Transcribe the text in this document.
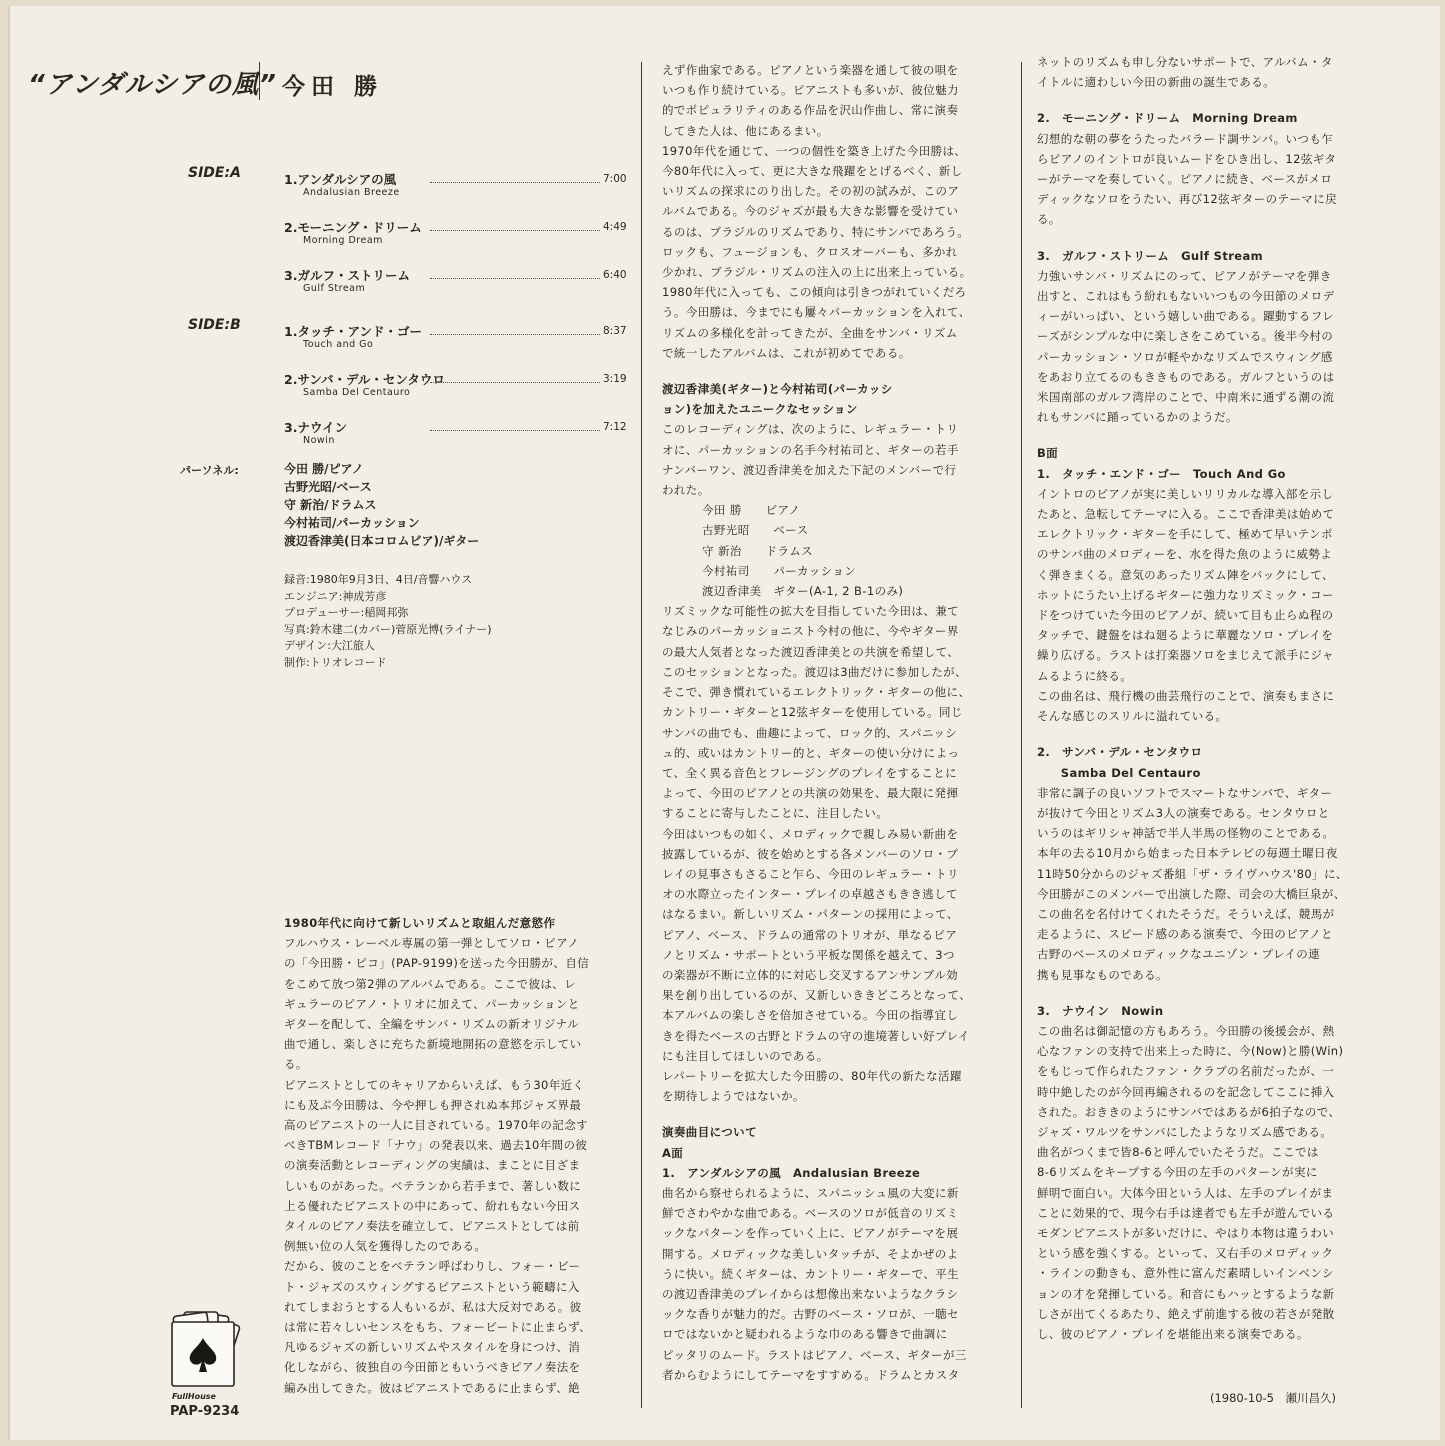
“アンダルシアの風” 今田 勝
SIDE:A
SIDE:B
1.アンダルシアの風
Andalusian Breeze
7:00
2.モーニング・ドリーム
Morning Dream
4:49
3.ガルフ・ストリーム
Gulf Stream
6:40
1.タッチ・アンド・ゴー
Touch and Go
8:37
2.サンバ・デル・センタウロ
Samba Del Centauro
3:19
3.ナウイン
Nowin
7:12
パーソネル:	今田 勝/ピアノ
古野光昭/ベース
守 新治/ドラムス
今村祐司/パーカッション
渡辺香津美(日本コロムビア)/ギター
録音:1980年9月3日、4日/音響ハウス
エンジニア:神成芳彦
プロデューサー:稲岡邦弥
写真:鈴木建二(カバー)菅原光博(ライナー)
デザイン:大江旅人
制作:トリオレコード

1980年代に向けて新しいリズムと取組んだ意慾作

フルハウス・レーベル専属の第一弾としてソロ・ピアノ

の「今田勝・ピコ」(PAP-9199)を送った今田勝が、自信

をこめて放つ第2弾のアルバムである。ここで彼は、レ

ギュラーのピアノ・トリオに加えて、パーカッションと

ギターを配して、全編をサンバ・リズムの新オリジナル

曲で通し、楽しさに充ちた新境地開拓の意慾を示してい

る。

ピアニストとしてのキャリアからいえば、もう30年近く

にも及ぶ今田勝は、今や押しも押されぬ本邦ジャズ界最

高のピアニストの一人に目されている。1970年の記念す

べきTBMレコード「ナウ」の発表以来、過去10年間の彼

の演奏活動とレコーディングの実績は、まことに目ざま

しいものがあった。ベテランから若手まで、著しい数に

上る優れたピアニストの中にあって、紛れもない今田ス

タイルのピアノ奏法を確立して、ピアニストとしては前

例無い位の人気を獲得したのである。

だから、彼のことをベテラン呼ばわりし、フォー・ビー

ト・ジャズのスウィングするピアニストという範疇に入

れてしまおうとする人もいるが、私は大反対である。彼

は常に若々しいセンスをもち、フォービートに止まらず、

凡ゆるジャズの新しいリズムやスタイルを身につけ、消

化しながら、彼独自の今田節ともいうべきピアノ奏法を

編み出してきた。彼はピアニストであるに止まらず、絶

えず作曲家である。ピアノという楽器を通して彼の唄を

いつも作り続けている。ピアニストも多いが、彼位魅力

的でポピュラリティのある作品を沢山作曲し、常に演奏

してきた人は、他にあるまい。

1970年代を通じて、一つの個性を築き上げた今田勝は、

今80年代に入って、更に大きな飛躍をとげるべく、新し

いリズムの探求にのり出した。その初の試みが、このア

ルバムである。今のジャズが最も大きな影響を受けてい

るのは、ブラジルのリズムであり、特にサンバであろう。

ロックも、フュージョンも、クロスオーバーも、多かれ

少かれ、ブラジル・リズムの注入の上に出来上っている。

1980年代に入っても、この傾向は引きつがれていくだろ

う。今田勝は、今までにも屢々パーカッションを入れて、

リズムの多様化を計ってきたが、全曲をサンバ・リズム

で統一したアルバムは、これが初めてである。

渡辺香津美(ギター)と今村祐司(パーカッシ

ョン)を加えたユニークなセッション

このレコーディングは、次のように、レギュラー・トリ

オに、パーカッションの名手今村祐司と、ギターの若手

ナンバーワン、渡辺香津美を加えた下記のメンバーで行

われた。

今田 勝　　ピアノ

古野光昭　　ベース

守 新治　　ドラムス

今村祐司　　パーカッション

渡辺香津美　ギター(A-1, 2 B-1のみ)

リズミックな可能性の拡大を目指していた今田は、兼て

なじみのパーカッショニスト今村の他に、今やギター界

の最大人気者となった渡辺香津美との共演を希望して、

このセッションとなった。渡辺は3曲だけに参加したが、

そこで、弾き慣れているエレクトリック・ギターの他に、

カントリー・ギターと12弦ギターを使用している。同じ

サンバの曲でも、曲趣によって、ロック的、スパニッシ

ュ的、或いはカントリー的と、ギターの使い分けによっ

て、全く異る音色とフレージングのプレイをすることに

よって、今田のピアノとの共演の効果を、最大限に発揮

することに寄与したことに、注目したい。

今田はいつもの如く、メロディックで親しみ易い新曲を

披露しているが、彼を始めとする各メンバーのソロ・プ

レイの見事さもさること乍ら、今田のレギュラー・トリ

オの水際立ったインター・プレイの卓越さもきき逃して

はなるまい。新しいリズム・パターンの採用によって、

ピアノ、ベース、ドラムの通常のトリオが、単なるピア

ノとリズム・サポートという平板な関係を越えて、3つ

の楽器が不断に立体的に対応し交叉するアンサンブル効

果を創り出しているのが、又新しいききどころとなって、

本アルバムの楽しさを倍加させている。今田の指導宜し

きを得たベースの古野とドラムの守の進境著しい好プレイ

にも注目してほしいのである。

レパートリーを拡大した今田勝の、80年代の新たな活躍

を期待しようではないか。

演奏曲目について

A面

1.　アンダルシアの風　Andalusian Breeze

曲名から察せられるように、スパニッシュ風の大変に新

鮮でさわやかな曲である。ベースのソロが低音のリズミ

ックなパターンを作っていく上に、ピアノがテーマを展

開する。メロディックな美しいタッチが、そよかぜのよ

うに快い。続くギターは、カントリー・ギターで、平生

の渡辺香津美のプレイからは想像出来ないようなクラシ

ックな香りが魅力的だ。古野のベース・ソロが、一聴セ

ロではないかと疑われるような巾のある響きで曲調に

ピッタリのムード。ラストはピアノ、ベース、ギターが三

者からむようにしてテーマをすすめる。ドラムとカスタ

ネットのリズムも申し分ないサポートで、アルバム・タ

イトルに適わしい今田の新曲の誕生である。

2.　モーニング・ドリーム　Morning Dream

幻想的な朝の夢をうたったバラード調サンバ。いつも乍

らピアノのイントロが良いムードをひき出し、12弦ギタ

ーがテーマを奏していく。ピアノに続き、ベースがメロ

ディックなソロをうたい、再び12弦ギターのテーマに戻

る。

3.　ガルフ・ストリーム　Gulf Stream

力強いサンバ・リズムにのって、ピアノがテーマを弾き

出すと、これはもう紛れもないいつもの今田節のメロデ

ィーがいっぱい、という嬉しい曲である。躍動するフレ

ーズがシンプルな中に楽しさをこめている。後半今村の

パーカッション・ソロが軽やかなリズムでスウィング感

をあおり立てるのもききものである。ガルフというのは

米国南部のガルフ湾岸のことで、中南米に通ずる潮の流

れもサンバに踊っているかのようだ。

B面

1.　タッチ・エンド・ゴー　Touch And Go

イントロのピアノが実に美しいリリカルな導入部を示し

たあと、急転してテーマに入る。ここで香津美は始めて

エレクトリック・ギターを手にして、極めて早いテンポ

のサンバ曲のメロディーを、水を得た魚のように威勢よ

く弾きまくる。意気のあったリズム陣をバックにして、

ホットにうたい上げるギターに強力なリズミック・コー

ドをつけていた今田のピアノが、続いて目も止らぬ程の

タッチで、鍵盤をはね廻るように華麗なソロ・プレイを

繰り広げる。ラストは打楽器ソロをまじえて派手にジャ

ムるように終る。

この曲名は、飛行機の曲芸飛行のことで、演奏もまさに

そんな感じのスリルに溢れている。

2.　サンバ・デル・センタウロ

　　Samba Del Centauro

非常に調子の良いソフトでスマートなサンバで、ギター

が抜けて今田とリズム3人の演奏である。センタウロと

いうのはギリシャ神話で半人半馬の怪物のことである。

本年の去る10月から始まった日本テレビの毎週土曜日夜

11時50分からのジャズ番組「ザ・ライヴハウス'80」に、

今田勝がこのメンバーで出演した際、司会の大橋巨泉が、

この曲名を名付けてくれたそうだ。そういえば、競馬が

走るように、スピード感のある演奏で、今田のピアノと

古野のベースのメロディックなユニゾン・プレイの連

携も見事なものである。

3.　ナウイン　Nowin

この曲名は御記憶の方もあろう。今田勝の後援会が、熱

心なファンの支持で出来上った時に、今(Now)と勝(Win)

をもじって作られたファン・クラブの名前だったが、一

時中絶したのが今回再編されるのを記念してここに挿入

された。おききのようにサンバではあるが6拍子なので、

ジャズ・ワルツをサンバにしたようなリズム感である。

曲名がつくまで皆8-6と呼んでいたそうだ。ここでは

8-6リズムをキープする今田の左手のパターンが実に

鮮明で面白い。大体今田という人は、左手のプレイがま

ことに効果的で、現今右手は達者でも左手が遊んでいる

モダンピアニストが多いだけに、やはり本物は違うわい

という感を強くする。といって、又右手のメロディック

・ラインの動きも、意外性に富んだ素晴しいインベンシ

ョンの才を発揮している。和音にもハッとするような新

しさが出てくるあたり、絶えず前進する彼の若さが発散

し、彼のピアノ・プレイを堪能出来る演奏である。

(1980-10-5　瀬川昌久)
FullHouse
PAP-9234
